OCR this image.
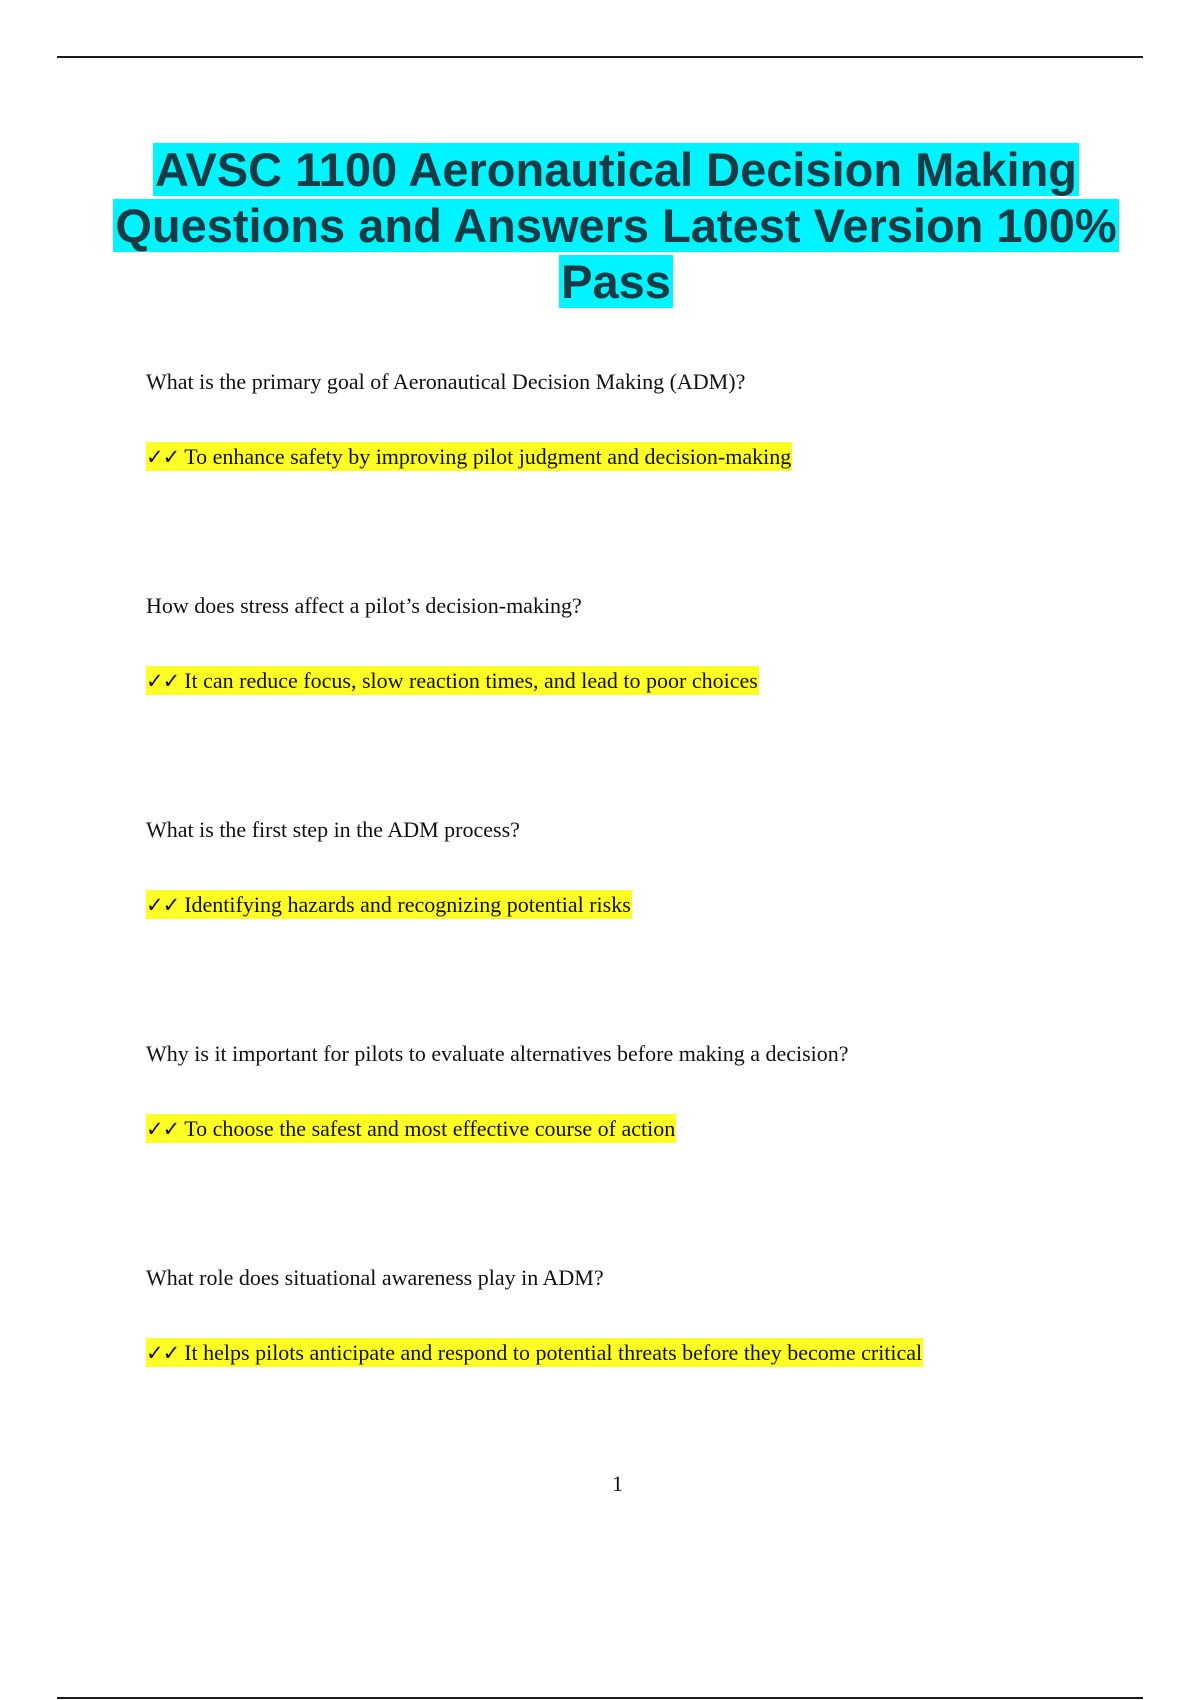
AVSC 1100 Aeronautical Decision Making Questions and Answers Latest Version 100% Pass
What is the primary goal of Aeronautical Decision Making (ADM)?
✓✓ To enhance safety by improving pilot judgment and decision-making
How does stress affect a pilot’s decision-making?
✓✓ It can reduce focus, slow reaction times, and lead to poor choices
What is the first step in the ADM process?
✓✓ Identifying hazards and recognizing potential risks
Why is it important for pilots to evaluate alternatives before making a decision?
✓✓ To choose the safest and most effective course of action
What role does situational awareness play in ADM?
✓✓ It helps pilots anticipate and respond to potential threats before they become critical
1
